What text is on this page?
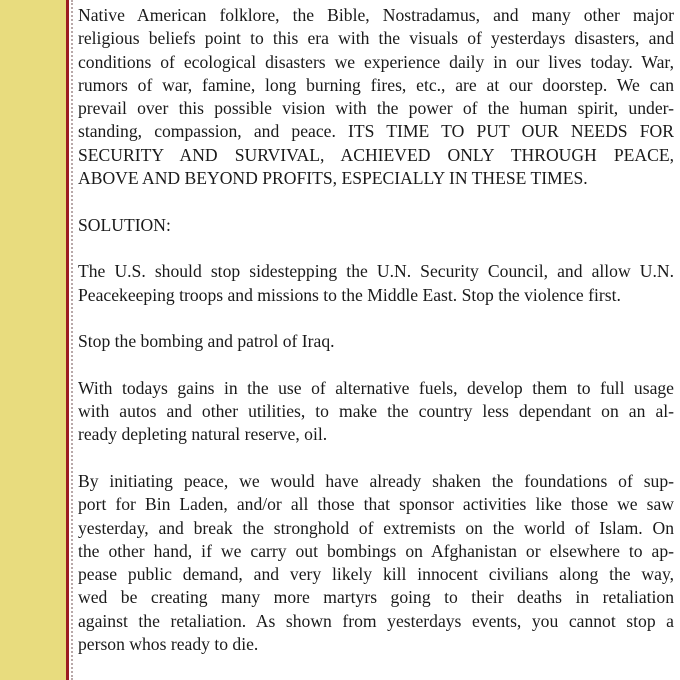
Native American folklore, the Bible, Nostradamus, and many other major
religious beliefs point to this era with the visuals of yesterdays disasters, and
conditions of ecological disasters we experience daily in our lives today. War,
rumors of war, famine, long burning fires, etc., are at our doorstep. We can
prevail over this possible vision with the power of the human spirit, under-
standing, compassion, and peace. ITS TIME TO PUT OUR NEEDS FOR
SECURITY AND SURVIVAL, ACHIEVED ONLY THROUGH PEACE,
ABOVE AND BEYOND PROFITS, ESPECIALLY IN THESE TIMES.
SOLUTION:
The U.S. should stop sidestepping the U.N. Security Council, and allow U.N.
Peacekeeping troops and missions to the Middle East. Stop the violence first.
Stop the bombing and patrol of Iraq.
With todays gains in the use of alternative fuels, develop them to full usage
with autos and other utilities, to make the country less dependant on an al-
ready depleting natural reserve, oil.
By initiating peace, we would have already shaken the foundations of sup-
port for Bin Laden, and/or all those that sponsor activities like those we saw
yesterday, and break the stronghold of extremists on the world of Islam. On
the other hand, if we carry out bombings on Afghanistan or elsewhere to ap-
pease public demand, and very likely kill innocent civilians along the way,
wed be creating many more martyrs going to their deaths in retaliation
against the retaliation. As shown from yesterdays events, you cannot stop a
person whos ready to die.
